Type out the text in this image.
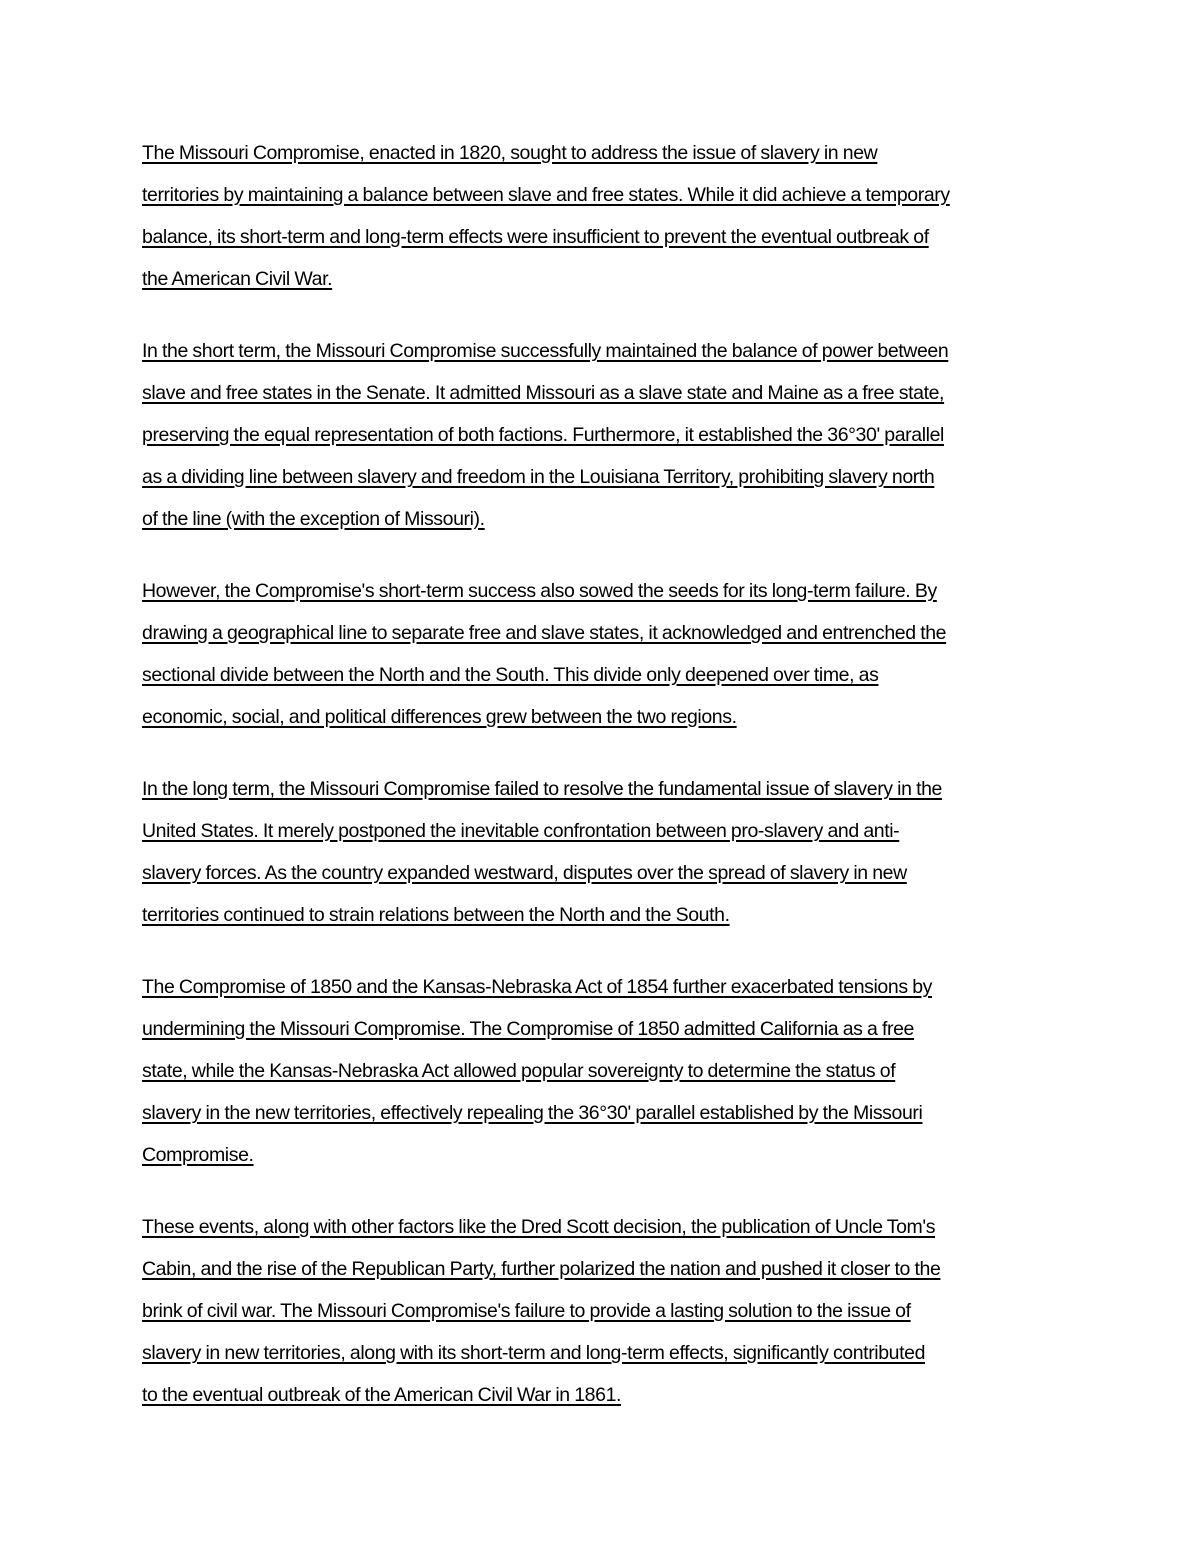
The Missouri Compromise, enacted in 1820, sought to address the issue of slavery in new
territories by maintaining a balance between slave and free states. While it did achieve a temporary
balance, its short-term and long-term effects were insufficient to prevent the eventual outbreak of
the American Civil War.

In the short term, the Missouri Compromise successfully maintained the balance of power between
slave and free states in the Senate. It admitted Missouri as a slave state and Maine as a free state,
preserving the equal representation of both factions. Furthermore, it established the 36°30' parallel
as a dividing line between slavery and freedom in the Louisiana Territory, prohibiting slavery north
of the line (with the exception of Missouri).

However, the Compromise's short-term success also sowed the seeds for its long-term failure. By
drawing a geographical line to separate free and slave states, it acknowledged and entrenched the
sectional divide between the North and the South. This divide only deepened over time, as
economic, social, and political differences grew between the two regions.

In the long term, the Missouri Compromise failed to resolve the fundamental issue of slavery in the
United States. It merely postponed the inevitable confrontation between pro-slavery and anti-
slavery forces. As the country expanded westward, disputes over the spread of slavery in new
territories continued to strain relations between the North and the South.

The Compromise of 1850 and the Kansas-Nebraska Act of 1854 further exacerbated tensions by
undermining the Missouri Compromise. The Compromise of 1850 admitted California as a free
state, while the Kansas-Nebraska Act allowed popular sovereignty to determine the status of
slavery in the new territories, effectively repealing the 36°30' parallel established by the Missouri
Compromise.

These events, along with other factors like the Dred Scott decision, the publication of Uncle Tom's
Cabin, and the rise of the Republican Party, further polarized the nation and pushed it closer to the
brink of civil war. The Missouri Compromise's failure to provide a lasting solution to the issue of
slavery in new territories, along with its short-term and long-term effects, significantly contributed
to the eventual outbreak of the American Civil War in 1861.
